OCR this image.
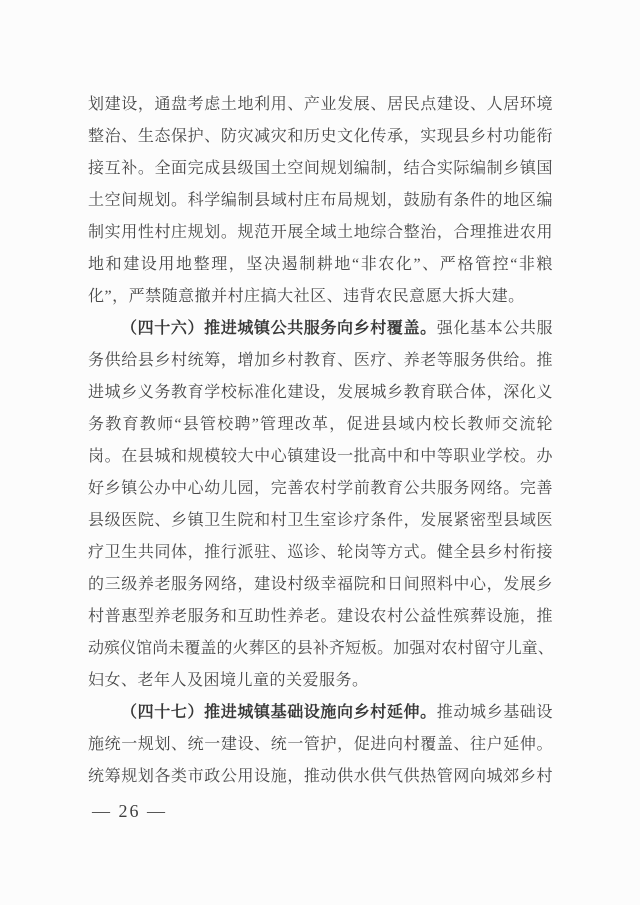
划建设，通盘考虑土地利用、产业发展、居民点建设、人居环境
整治、生态保护、防灾减灾和历史文化传承，实现县乡村功能衔
接互补。全面完成县级国土空间规划编制，结合实际编制乡镇国
土空间规划。科学编制县域村庄布局规划，鼓励有条件的地区编
制实用性村庄规划。规范开展全域土地综合整治，合理推进农用
地和建设用地整理，坚决遏制耕地“非农化”、严格管控“非粮
化”，严禁随意撤并村庄搞大社区、违背农民意愿大拆大建。
（四十六）推进城镇公共服务向乡村覆盖。强化基本公共服
务供给县乡村统筹，增加乡村教育、医疗、养老等服务供给。推
进城乡义务教育学校标准化建设，发展城乡教育联合体，深化义
务教育教师“县管校聘”管理改革，促进县域内校长教师交流轮
岗。在县城和规模较大中心镇建设一批高中和中等职业学校。办
好乡镇公办中心幼儿园，完善农村学前教育公共服务网络。完善
县级医院、乡镇卫生院和村卫生室诊疗条件，发展紧密型县域医
疗卫生共同体，推行派驻、巡诊、轮岗等方式。健全县乡村衔接
的三级养老服务网络，建设村级幸福院和日间照料中心，发展乡
村普惠型养老服务和互助性养老。建设农村公益性殡葬设施，推
动殡仪馆尚未覆盖的火葬区的县补齐短板。加强对农村留守儿童、
妇女、老年人及困境儿童的关爱服务。
（四十七）推进城镇基础设施向乡村延伸。推动城乡基础设
施统一规划、统一建设、统一管护，促进向村覆盖、往户延伸。
统筹规划各类市政公用设施，推动供水供气供热管网向城郊乡村
— 26 —
